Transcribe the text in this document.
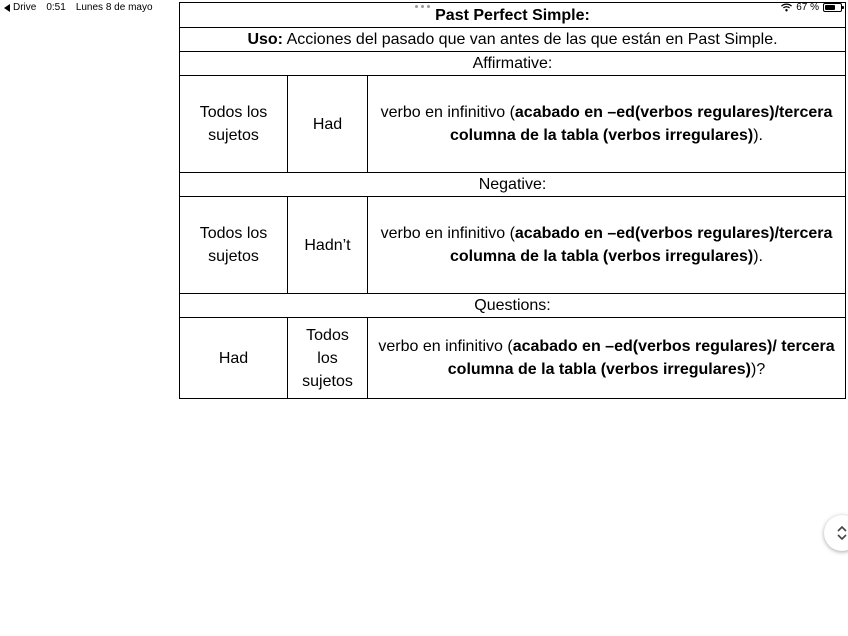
Drive 0:51 Lunes 8 de mayo	67 %
Past Perfect Simple:		
Uso: Acciones del pasado que van antes de las que están en Past Simple.		
Affirmative:		
Todos los sujetos	Had	verbo en infinitivo (acabado en –ed(verbos regulares)/tercera columna de la tabla (verbos irregulares)).
Negative:		
Todos los sujetos	Hadn’t	verbo en infinitivo (acabado en –ed(verbos regulares)/tercera columna de la tabla (verbos irregulares)).
Questions:		
Had	Todos los sujetos	verbo en infinitivo (acabado en –ed(verbos regulares)/ tercera columna de la tabla (verbos irregulares))?
